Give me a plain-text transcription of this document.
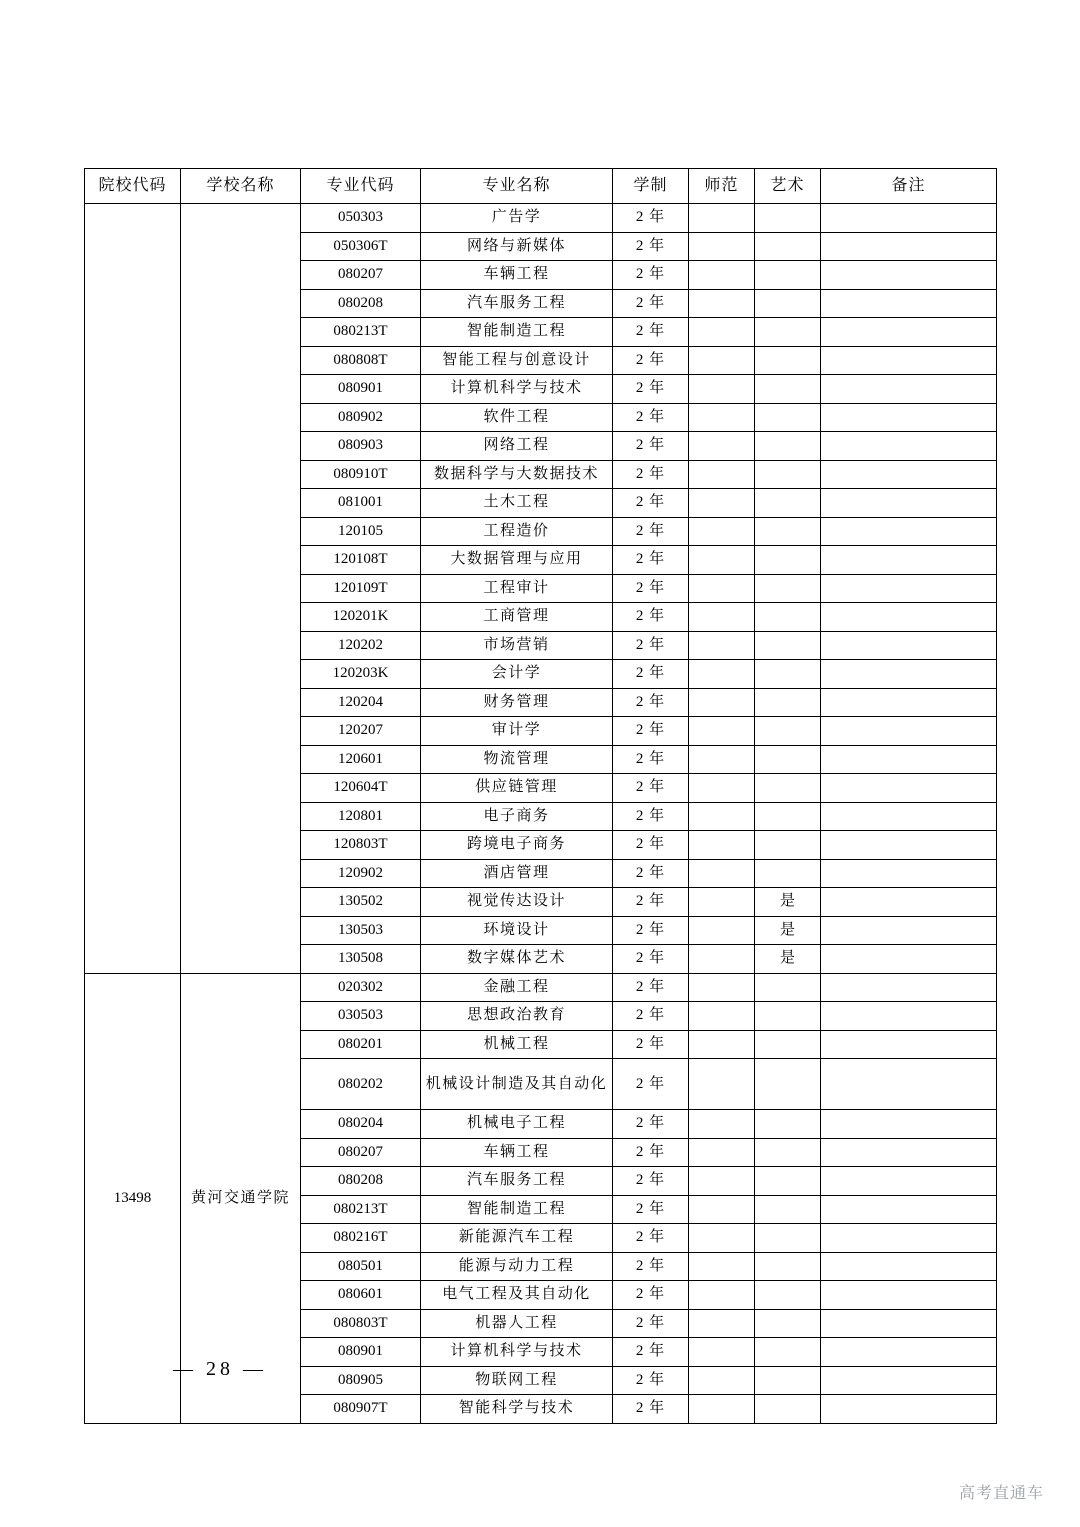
院校代码	学校名称	专业代码	专业名称	学制	师范	艺术	备注
		050303	广告学	2 年			
		050306T	网络与新媒体	2 年			
		080207	车辆工程	2 年			
		080208	汽车服务工程	2 年			
		080213T	智能制造工程	2 年			
		080808T	智能工程与创意设计	2 年			
		080901	计算机科学与技术	2 年			
		080902	软件工程	2 年			
		080903	网络工程	2 年			
		080910T	数据科学与大数据技术	2 年			
		081001	土木工程	2 年			
		120105	工程造价	2 年			
		120108T	大数据管理与应用	2 年			
		120109T	工程审计	2 年			
		120201K	工商管理	2 年			
		120202	市场营销	2 年			
		120203K	会计学	2 年			
		120204	财务管理	2 年			
		120207	审计学	2 年			
		120601	物流管理	2 年			
		120604T	供应链管理	2 年			
		120801	电子商务	2 年			
		120803T	跨境电子商务	2 年			
		120902	酒店管理	2 年			
		130502	视觉传达设计	2 年		是	
		130503	环境设计	2 年		是	
		130508	数字媒体艺术	2 年		是	
13498	黄河交通学院	020302	金融工程	2 年			
		030503	思想政治教育	2 年			
		080201	机械工程	2 年			
		080202	机械设计制造及其自动化	2 年			
		080204	机械电子工程	2 年			
		080207	车辆工程	2 年			
		080208	汽车服务工程	2 年			
		080213T	智能制造工程	2 年			
		080216T	新能源汽车工程	2 年			
		080501	能源与动力工程	2 年			
		080601	电气工程及其自动化	2 年			
		080803T	机器人工程	2 年			
		080901	计算机科学与技术	2 年			
		080905	物联网工程	2 年			
		080907T	智能科学与技术	2 年			
— 28 —
高考直通车
